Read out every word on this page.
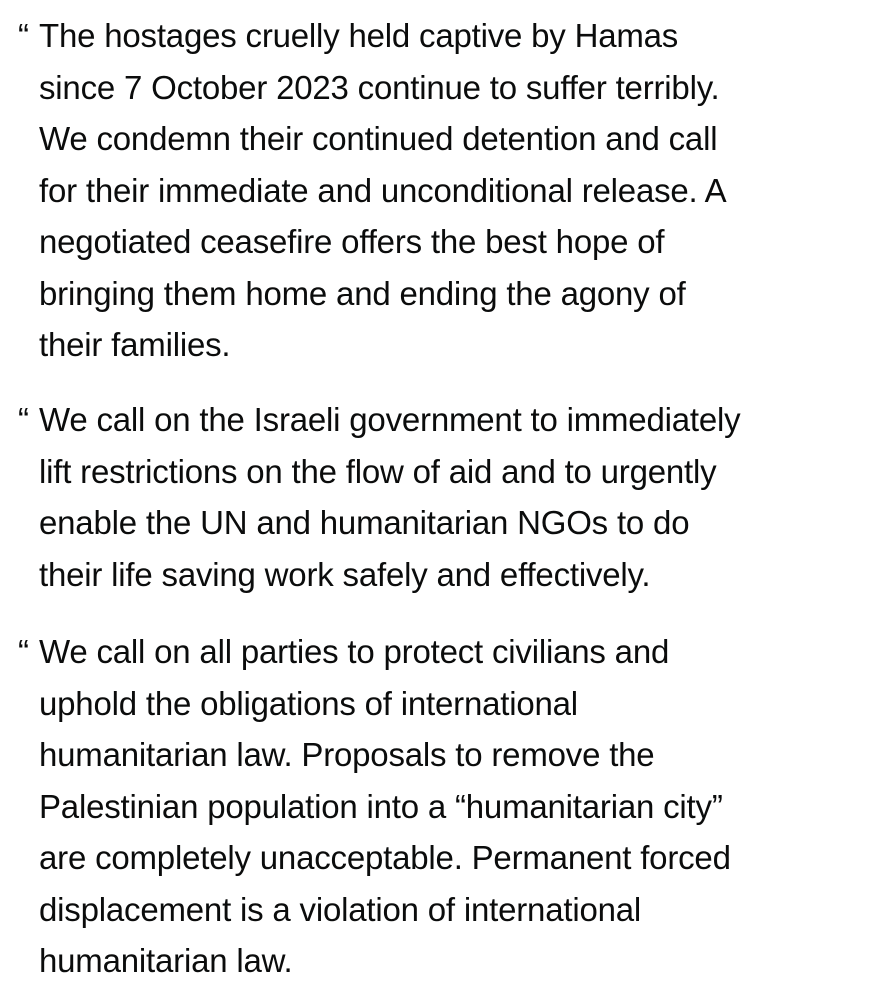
“ The hostages cruelly held captive by Hamas
since 7 October 2023 continue to suffer terribly.
We condemn their continued detention and call
for their immediate and unconditional release. A
negotiated ceasefire offers the best hope of
bringing them home and ending the agony of
their families.

“ We call on the Israeli government to immediately
lift restrictions on the flow of aid and to urgently
enable the UN and humanitarian NGOs to do
their life saving work safely and effectively.

“ We call on all parties to protect civilians and
uphold the obligations of international
humanitarian law. Proposals to remove the
Palestinian population into a “humanitarian city”
are completely unacceptable. Permanent forced
displacement is a violation of international
humanitarian law.
